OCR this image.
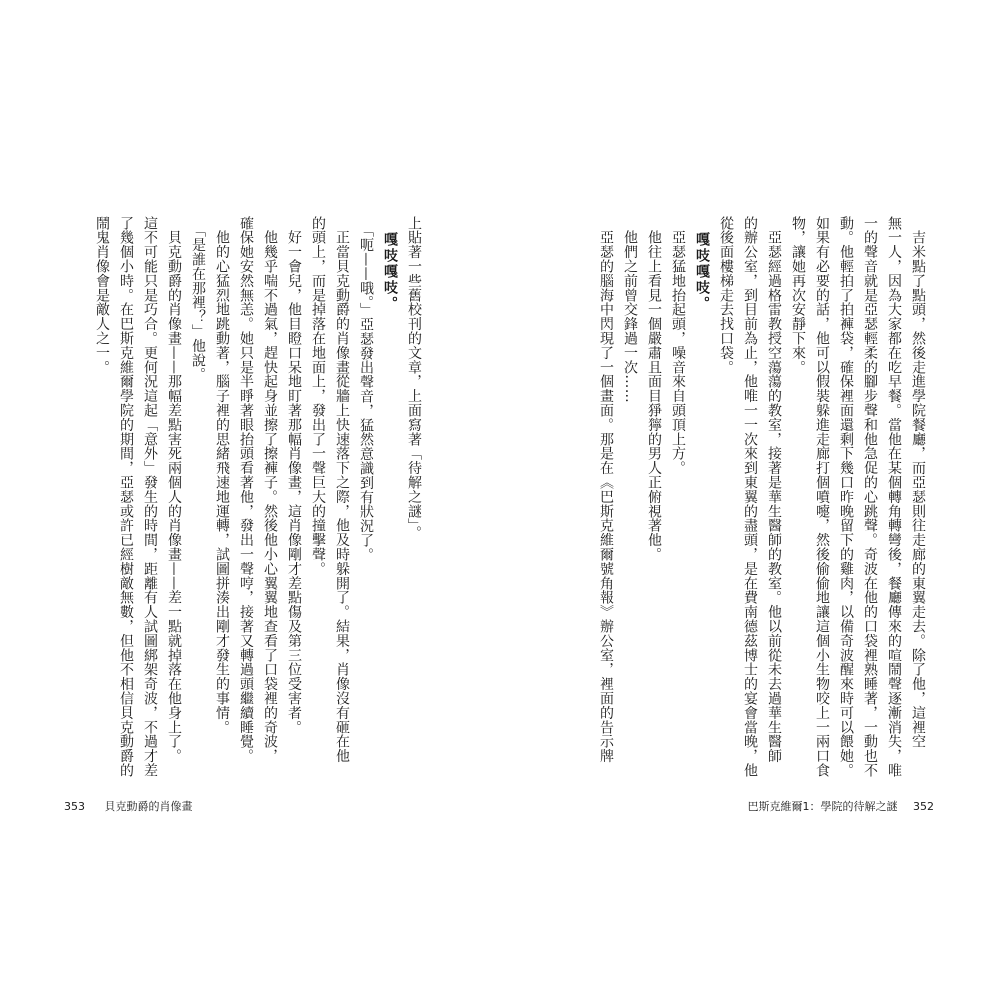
上貼著一些舊校刊的文章，上面寫著「待解之謎」。
　嘎吱嘎吱。
　「呃——哦。」亞瑟發出聲音，猛然意識到有狀況了。
　正當貝克動爵的肖像畫從牆上快速落下之際，他及時躲開了。結果，肖像沒有砸在他
的頭上，而是掉落在地面上，發出了一聲巨大的撞擊聲。
　好一會兒，他目瞪口呆地盯著那幅肖像畫，這肖像剛才差點傷及第三位受害者。
　他幾乎喘不過氣，趕快起身並擦了擦褲子。然後他小心翼翼地查看了口袋裡的奇波，
確保她安然無恙。她只是半睜著眼抬頭看著他，發出一聲哼，接著又轉過頭繼續睡覺。
　他的心猛烈地跳動著，腦子裡的思緒飛速地運轉，試圖拼湊出剛才發生的事情。
　「是誰在那裡？」他說。
　貝克動爵的肖像畫——那幅差點害死兩個人的肖像畫——差一點就掉落在他身上了。
這不可能只是巧合。更何況這起「意外」發生的時間，距離有人試圖綁架奇波，不過才差
了幾個小時。在巴斯克維爾學院的期間，亞瑟或許已經樹敵無數，但他不相信貝克動爵的
鬧鬼肖像會是敵人之一。
353 貝克動爵的肖像畫
　吉米點了點頭，然後走進學院餐廳，而亞瑟則往走廊的東翼走去。除了他，這裡空
無一人，因為大家都在吃早餐。當他在某個轉角轉彎後，餐廳傳來的喧鬧聲逐漸消失，唯
一的聲音就是亞瑟輕柔的腳步聲和他急促的心跳聲。奇波在他的口袋裡熟睡著，一動也不
動。他輕拍了拍褲袋，確保裡面還剩下幾口昨晚留下的雞肉，以備奇波醒來時可以餵她。
如果有必要的話，他可以假裝躲進走廊打個噴嚏，然後偷偷地讓這個小生物咬上一兩口食
物，讓她再次安靜下來。
　亞瑟經過格雷教授空蕩蕩的教室，接著是華生醫師的教室。他以前從未去過華生醫師
的辦公室，到目前為止，他唯一一次來到東翼的盡頭，是在費南德茲博士的宴會當晚，他
從後面樓梯走去找口袋。
　嘎吱嘎吱。
　亞瑟猛地抬起頭，噪音來自頭頂上方。
　他往上看見一個嚴肅且面目猙獰的男人正俯視著他。
　他們之前曾交鋒過一次……
　亞瑟的腦海中閃現了一個畫面。那是在《巴斯克維爾號角報》辦公室，裡面的告示牌
巴斯克維爾1：學院的待解之謎 352
